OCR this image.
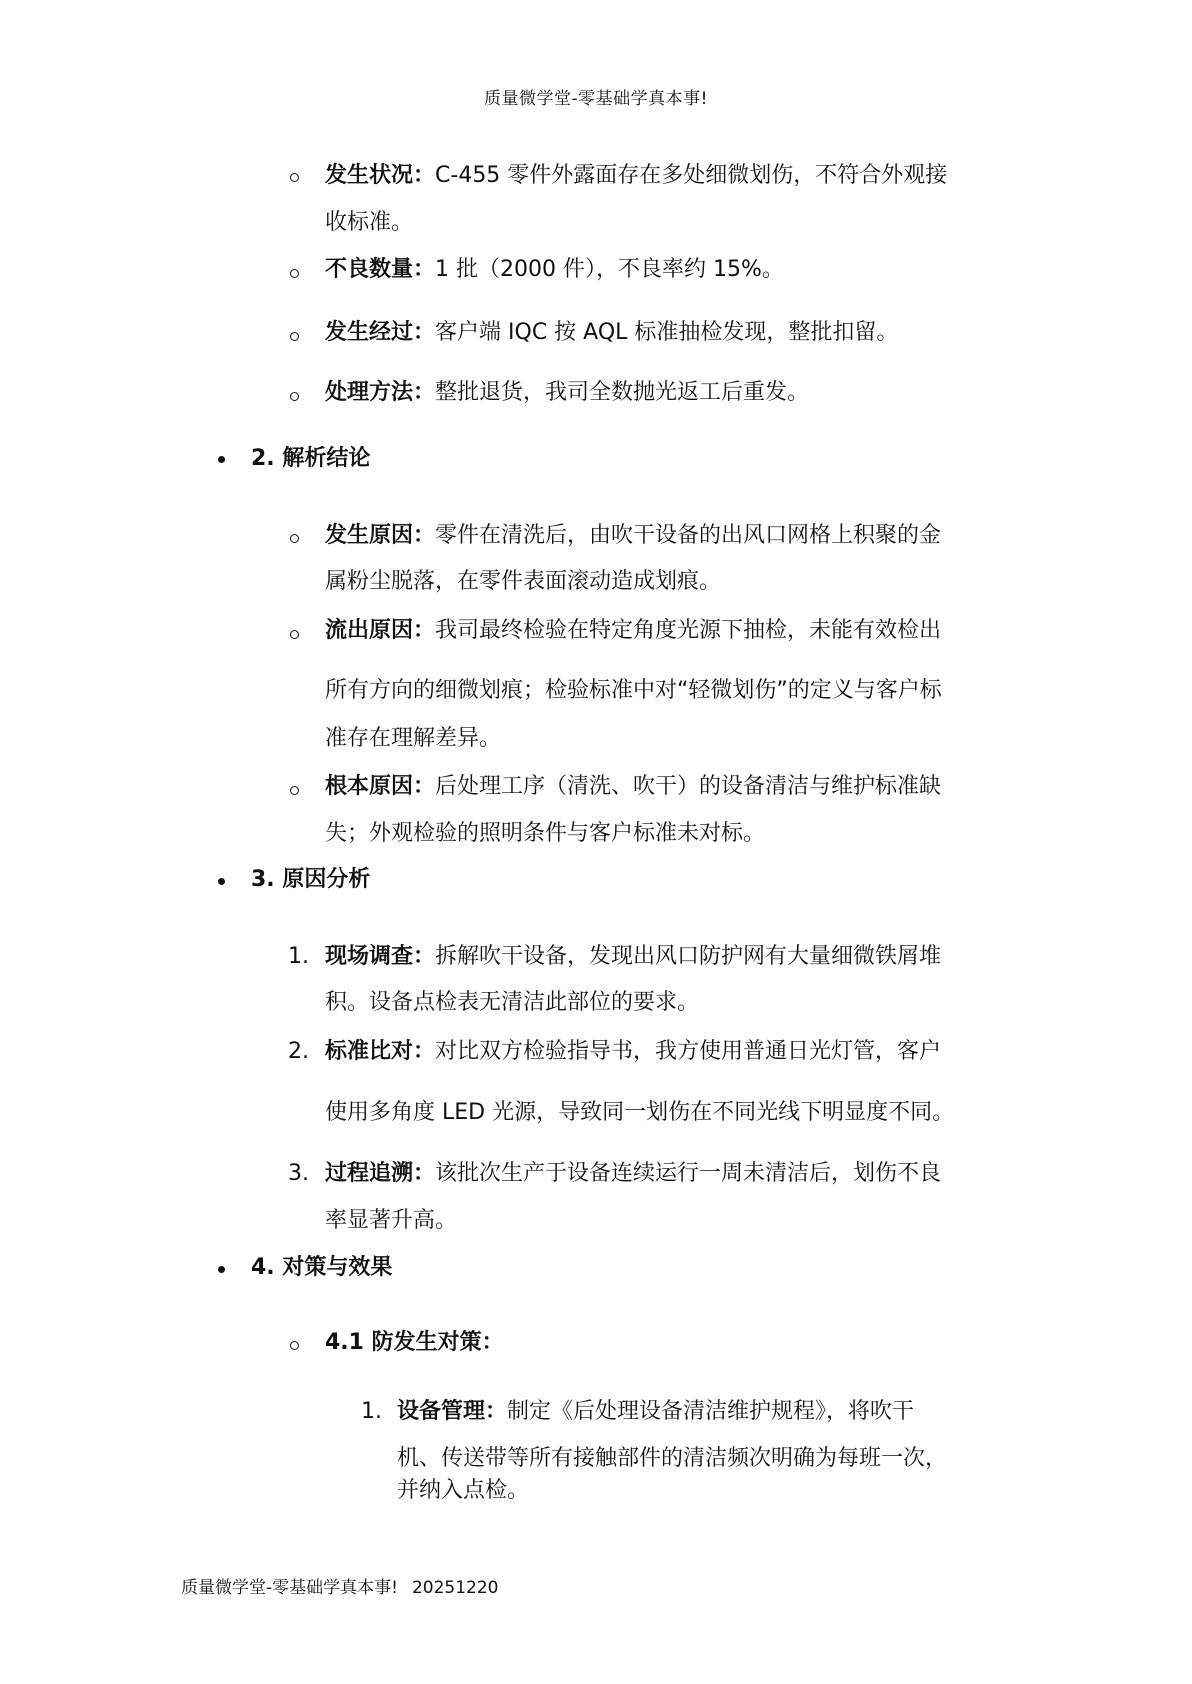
质量微学堂-零基础学真本事!
发生状况：C-455 零件外露面存在多处细微划伤，不符合外观接
收标准。
不良数量：1 批（2000 件），不良率约 15%。
发生经过：客户端 IQC 按 AQL 标准抽检发现，整批扣留。
处理方法：整批退货，我司全数抛光返工后重发。
2. 解析结论
发生原因：零件在清洗后，由吹干设备的出风口网格上积聚的金
属粉尘脱落，在零件表面滚动造成划痕。
流出原因：我司最终检验在特定角度光源下抽检，未能有效检出
所有方向的细微划痕；检验标准中对“轻微划伤”的定义与客户标
准存在理解差异。
根本原因：后处理工序（清洗、吹干）的设备清洁与维护标准缺
失；外观检验的照明条件与客户标准未对标。
3. 原因分析
1. 现场调查：拆解吹干设备，发现出风口防护网有大量细微铁屑堆
积。设备点检表无清洁此部位的要求。
2. 标准比对：对比双方检验指导书，我方使用普通日光灯管，客户
使用多角度 LED 光源，导致同一划伤在不同光线下明显度不同。
3. 过程追溯：该批次生产于设备连续运行一周未清洁后，划伤不良
率显著升高。
4. 对策与效果
4.1 防发生对策：
1. 设备管理：制定《后处理设备清洁维护规程》，将吹干
机、传送带等所有接触部件的清洁频次明确为每班一次，
并纳入点检。
质量微学堂-零基础学真本事! 20251220
